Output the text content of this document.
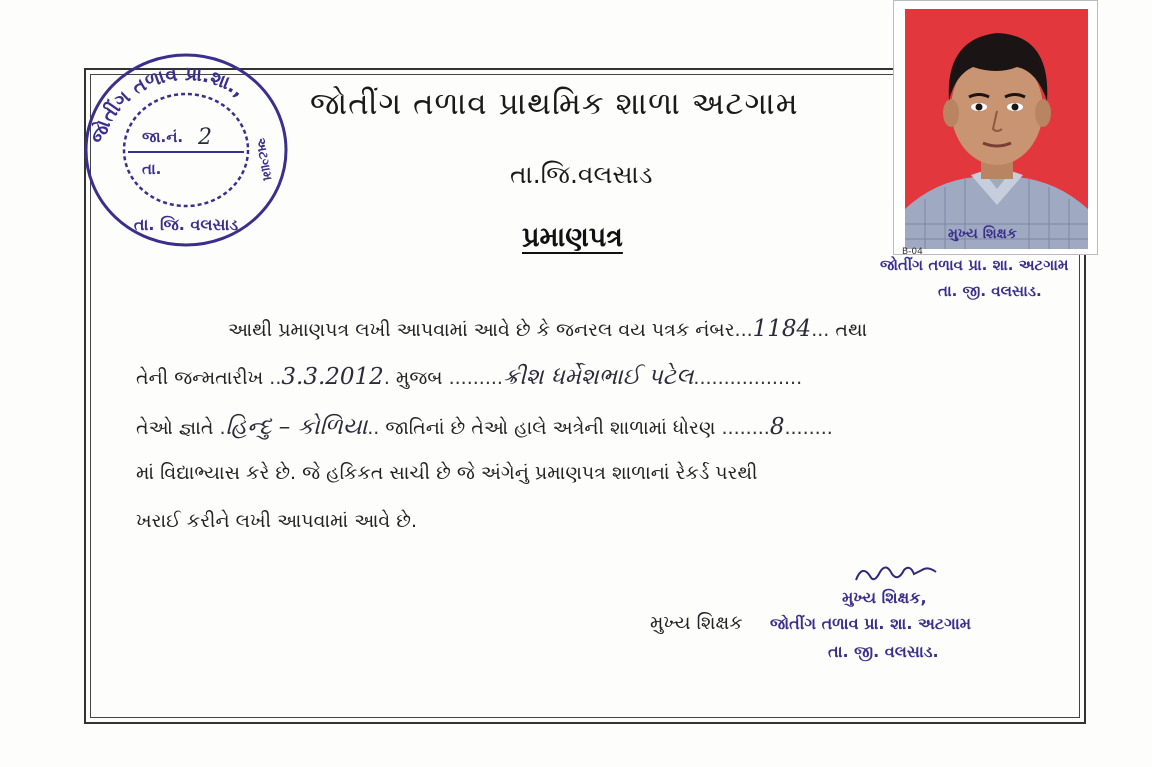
જોતીંગ તળાવ પ્રા.શા.,
તા. જિ. વલસાડ
અટગામ
જા.નં. 2
તા.
જોતીંગ તળાવ પ્રાથમિક શાળા અટગામ
તા.જિ.વલસાડ
પ્રમાણપત્ર	મુખ્ય શિક્ષક
B-04
જોતીંગ તળાવ પ્રા. શા. અટગામ
તા. જી. વલસાડ.
આથી પ્રમાણપત્ર લખી આપવામાં આવે છે કે જનરલ વય પત્રક નંબર...1184... તથા
તેની જન્મતારીખ ..3.3.2012. મુજબ .........ક્રીશ ધર્મેશભાઈ પટેલ..................
તેઓ જ્ઞાતે .હિન્દુ – કોળિયા.. જાતિનાં છે તેઓ હાલે અત્રેની શાળામાં ધોરણ ........8........
માં વિદ્યાભ્યાસ કરે છે. જે હકિકત સાચી છે જે અંગેનું પ્રમાણપત્ર શાળાનાં રેકર્ડ પરથી
ખરાઈ કરીને લખી આપવામાં આવે છે.
મુખ્ય શિક્ષક
મુખ્ય શિક્ષક,
જોતીંગ તળાવ પ્રા. શા. અટગામ
તા. જી. વલસાડ.
